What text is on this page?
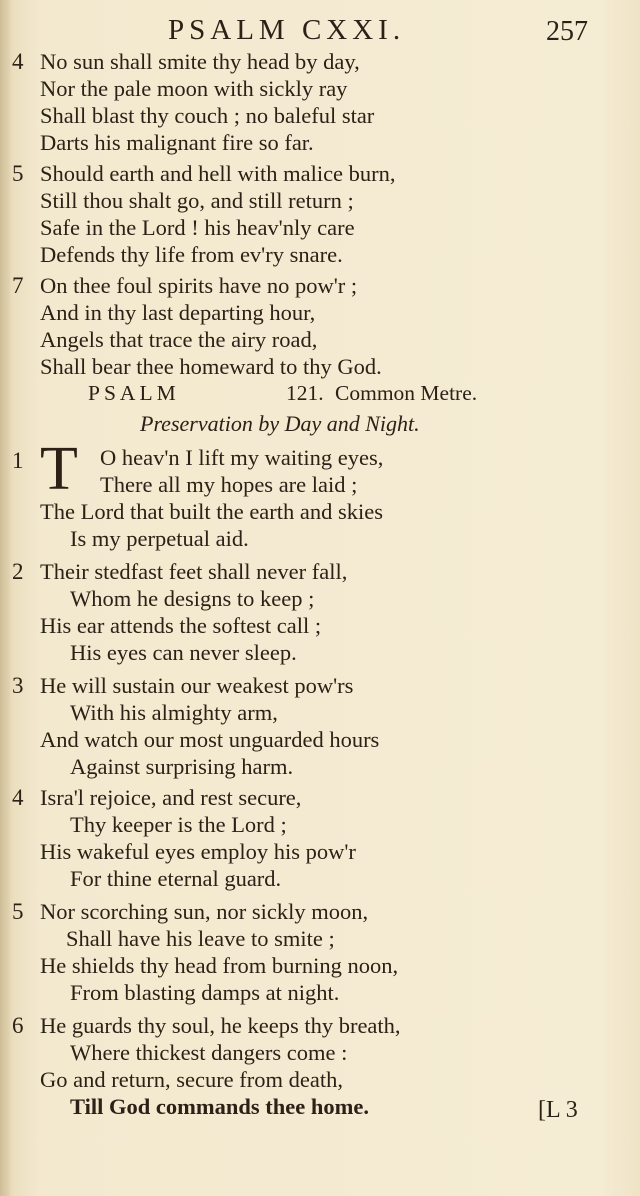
PSALM CXXI.	257
4 No sun shall smite thy head by day,
Nor the pale moon with sickly ray
Shall blast thy couch ; no baleful star
Darts his malignant fire so far.
5 Should earth and hell with malice burn,
Still thou shalt go, and still return ;
Safe in the Lord ! his heav'nly care
Defends thy life from ev'ry snare.
7 On thee foul spirits have no pow'r ;
And in thy last departing hour,
Angels that trace the airy road,
Shall bear thee homeward to thy God.
PSALM	121. Common Metre.
Preservation by Day and Night.
1 T O heav'n I lift my waiting eyes,
There all my hopes are laid ;
The Lord that built the earth and skies
Is my perpetual aid.
2 Their stedfast feet shall never fall,
Whom he designs to keep ;
His ear attends the softest call ;
His eyes can never sleep.
3 He will sustain our weakest pow'rs
With his almighty arm,
And watch our most unguarded hours
Against surprising harm.
4 Isra'l rejoice, and rest secure,
Thy keeper is the Lord ;
His wakeful eyes employ his pow'r
For thine eternal guard.
5 Nor scorching sun, nor sickly moon,
Shall have his leave to smite ;
He shields thy head from burning noon,
From blasting damps at night.
6 He guards thy soul, he keeps thy breath,
Where thickest dangers come :
Go and return, secure from death,
Till God commands thee home.	[L 3
